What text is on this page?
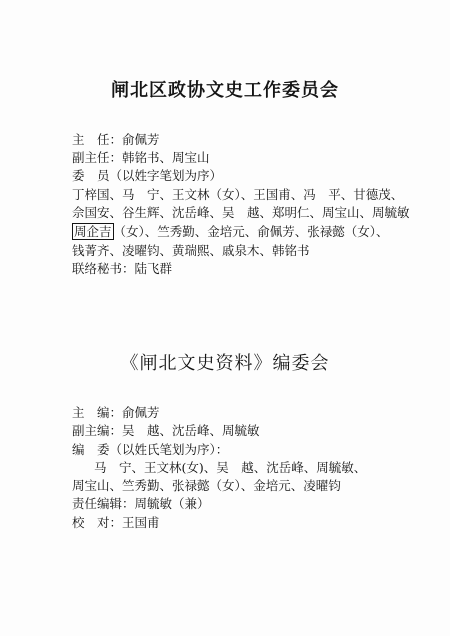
闸北区政协文史工作委员会
主　任：俞佩芳
副主任：韩铭书、周宝山
委　员（以姓字笔划为序）
丁梓国、马　宁、王文林（女）、王国甫、冯　平、甘德茂、
佘国安、谷生辉、沈岳峰、吴　越、郑明仁、周宝山、周毓敏
周企吉 （女）、竺秀勤、金培元、俞佩芳、张禄懿（女）、
钱菁齐、凌曜钧、黄瑞熙、戚泉木、韩铭书
联络秘书：陆飞群
《闸北文史资料》编委会
主　编：俞佩芳
副主编：吴　越、沈岳峰、周毓敏
编　委（以姓氏笔划为序）：
马　宁、王文林(女)、吴　越、沈岳峰、周毓敏、
周宝山、竺秀勤、张禄懿（女）、金培元、凌曜钧
责任编辑：周毓敏（兼）
校　对：王国甫
